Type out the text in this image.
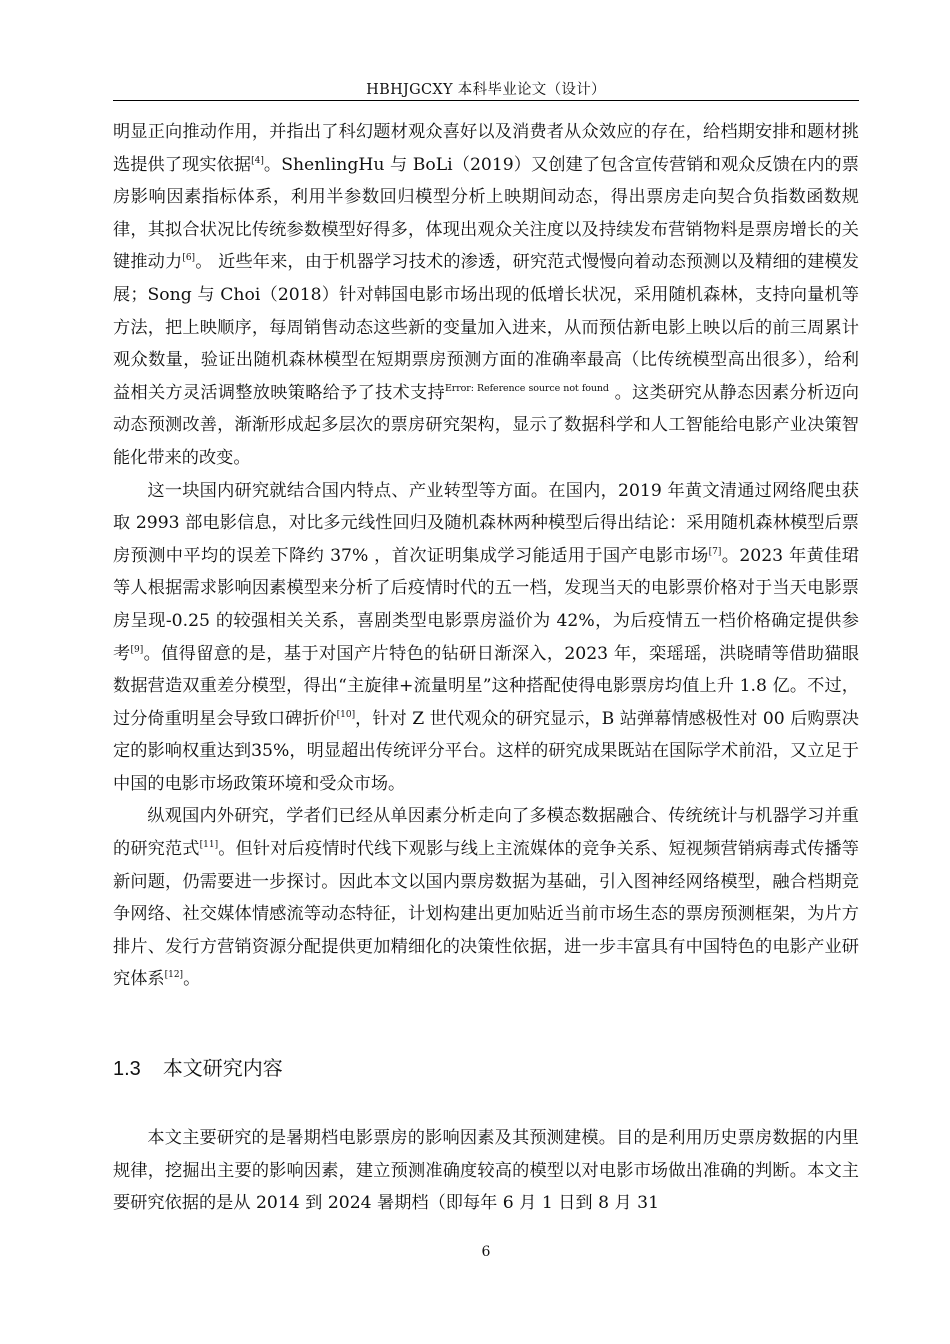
HBHJGCXY 本科毕业论文（设计）

明显正向推动作用，并指出了科幻题材观众喜好以及消费者从众效应的存在，给档期安排和题材挑选提供了现实依据[4]。ShenlingHu 与 BoLi（2019）又创建了包含宣传营销和观众反馈在内的票房影响因素指标体系，利用半参数回归模型分析上映期间动态，得出票房走向契合负指数函数规律，其拟合状况比传统参数模型好得多，体现出观众关注度以及持续发布营销物料是票房增长的关键推动力[6]。 近些年来，由于机器学习技术的渗透，研究范式慢慢向着动态预测以及精细的建模发展；Song 与 Choi（2018）针对韩国电影市场出现的低增长状况，采用随机森林，支持向量机等方法，把上映顺序，每周销售动态这些新的变量加入进来，从而预估新电影上映以后的前三周累计观众数量，验证出随机森林模型在短期票房预测方面的准确率最高（比传统模型高出很多），给利益相关方灵活调整放映策略给予了技术支持$^{Error: Reference source not found}$ 。这类研究从静态因素分析迈向动态预测改善，渐渐形成起多层次的票房研究架构，显示了数据科学和人工智能给电影产业决策智能化带来的改变。

这一块国内研究就结合国内特点、产业转型等方面。在国内，2019 年黄文清通过网络爬虫获取 2993 部电影信息，对比多元线性回归及随机森林两种模型后得出结论：采用随机森林模型后票房预测中平均的误差下降约 37% ，首次证明集成学习能适用于国产电影市场[7]。2023 年黄佳珺等人根据需求影响因素模型来分析了后疫情时代的五一档，发现当天的电影票价格对于当天电影票房呈现-0.25 的较强相关关系，喜剧类型电影票房溢价为 42%，为后疫情五一档价格确定提供参考[9]。值得留意的是，基于对国产片特色的钻研日渐深入，2023 年，栾瑶瑶，洪晓晴等借助猫眼数据营造双重差分模型，得出“主旋律+流量明星”这种搭配使得电影票房均值上升 1.8 亿。不过，过分倚重明星会导致口碑折价[10]，针对 Z 世代观众的研究显示，B 站弹幕情感极性对 00 后购票决定的影响权重达到35%，明显超出传统评分平台。这样的研究成果既站在国际学术前沿，又立足于中国的电影市场政策环境和受众市场。

纵观国内外研究，学者们已经从单因素分析走向了多模态数据融合、传统统计与机器学习并重的研究范式[11]。但针对后疫情时代线下观影与线上主流媒体的竞争关系、短视频营销病毒式传播等新问题，仍需要进一步探讨。因此本文以国内票房数据为基础，引入图神经网络模型，融合档期竞争网络、社交媒体情感流等动态特征，计划构建出更加贴近当前市场生态的票房预测框架，为片方排片、发行方营销资源分配提供更加精细化的决策性依据，进一步丰富具有中国特色的电影产业研究体系[12]。

1.3 本文研究内容

本文主要研究的是暑期档电影票房的影响因素及其预测建模。目的是利用历史票房数据的内里规律，挖掘出主要的影响因素，建立预测准确度较高的模型以对电影市场做出准确的判断。本文主要研究依据的是从 2014 到 2024 暑期档（即每年 6 月 1 日到 8 月 31

6
